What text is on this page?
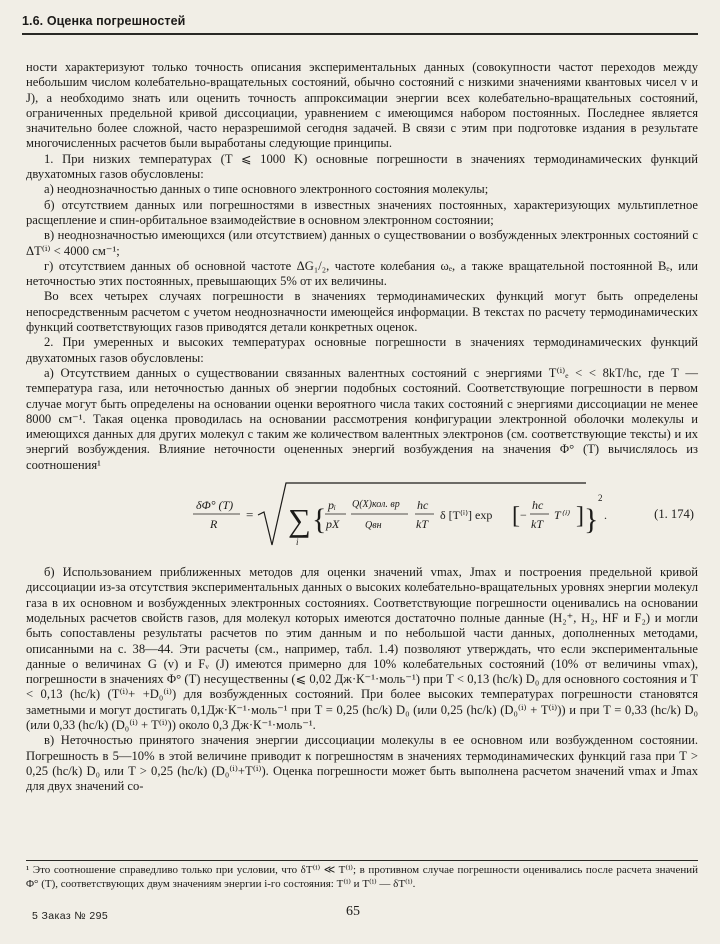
1.6. Оценка погрешностей

ности характеризуют только точность описания экспериментальных данных (совокупности частот переходов между небольшим числом колебательно-вращательных состояний, обычно состояний с низкими значениями квантовых чисел v и J), а необходимо знать или оценить точность аппроксимации энергии всех колебательно-вращательных состояний, ограниченных предельной кривой диссоциации, уравнением с имеющимся набором постоянных. Последнее является значительно более сложной, часто неразрешимой сегодня задачей. В связи с этим при подготовке издания в результате многочисленных расчетов были выработаны следующие принципы.

1. При низких температурах (T ⩽ 1000 K) основные погрешности в значениях термодинамических функций двухатомных газов обусловлены:

а) неоднозначностью данных о типе основного электронного состояния молекулы;

б) отсутствием данных или погрешностями в известных значениях постоянных, характеризующих мультиплетное расщепление и спин-орбитальное взаимодействие в основном электронном состоянии;

в) неоднозначностью имеющихся (или отсутствием) данных о существовании о возбужденных электронных состояний с ΔT⁽ⁱ⁾ < 4000 см⁻¹;

г) отсутствием данных об основной частоте ΔG₁/₂, частоте колебания ωₑ, а также вращательной постоянной Bₑ, или неточностью этих постоянных, превышающих 5% от их величины.

Во всех четырех случаях погрешности в значениях термодинамических функций могут быть определены непосредственным расчетом с учетом неоднозначности имеющейся информации. В текстах по расчету термодинамических функций соответствующих газов приводятся детали конкретных оценок.

2. При умеренных и высоких температурах основные погрешности в значениях термодинамических функций двухатомных газов обусловлены:

а) Отсутствием данных о существовании связанных валентных состояний с энергиями T⁽ⁱ⁾ₑ < < 8kT/hc, где T — температура газа, или неточностью данных об энергии подобных состояний. Соответствующие погрешности в первом случае могут быть определены на основании оценки вероятного числа таких состояний с энергиями диссоциации не менее 8000 см⁻¹. Такая оценка проводилась на основании рассмотрения конфигурации электронной оболочки молекулы и имеющихся данных для других молекул с таким же количеством валентных электронов (см. соответствующие тексты) и их энергий возбуждения. Влияние неточности оцененных энергий возбуждения на значения Φ° (T) вычислялось из соотношения¹

δΦ° (T)
R
= ∑
i
{ pᵢ
pX
Q(X)кол. вр
Qвн
hc
kT
δ [T⁽ⁱ⁾] exp [ −
hc
kT
T⁽ⁱ⁾ ] }
2
.	(1. 174)

б) Использованием приближенных методов для оценки значений vmax, Jmax и построения предельной кривой диссоциации из-за отсутствия экспериментальных данных о высоких колебательно-вращательных уровнях энергии молекул газа в их основном и возбужденных электронных состояниях. Соответствующие погрешности оценивались на основании модельных расчетов свойств газов, для молекул которых имеются достаточно полные данные (H₂⁺, H₂, HF и F₂) и могли быть сопоставлены результаты расчетов по этим данным и по небольшой части данных, дополненных методами, описанными на с. 38—44. Эти расчеты (см., например, табл. 1.4) позволяют утверждать, что если экспериментальные данные о величинах G (v) и Fᵥ (J) имеются примерно для 10% колебательных состояний (10% от величины vmax), погрешности в значениях Φ° (T) несущественны (⩽ 0,02 Дж·К⁻¹·моль⁻¹) при T < 0,13 (hc/k) D₀ для основного состояния и T < 0,13 (hc/k) (T⁽ⁱ⁾+ +D₀⁽ⁱ⁾) для возбужденных состояний. При более высоких температурах погрешности становятся заметными и могут достигать 0,1Дж·К⁻¹·моль⁻¹ при T = 0,25 (hc/k) D₀ (или 0,25 (hc/k) (D₀⁽ⁱ⁾ + T⁽ⁱ⁾)) и при T = 0,33 (hc/k) D₀ (или 0,33 (hc/k) (D₀⁽ⁱ⁾ + T⁽ⁱ⁾)) около 0,3 Дж·К⁻¹·моль⁻¹.

в) Неточностью принятого значения энергии диссоциации молекулы в ее основном или возбужденном состоянии. Погрешность в 5—10% в этой величине приводит к погрешностям в значениях термодинамических функций газа при T > 0,25 (hc/k) D₀ или T > 0,25 (hc/k) (D₀⁽ⁱ⁾+T⁽ⁱ⁾). Оценка погрешности может быть выполнена расчетом значений vmax и Jmax для двух значений со-

¹ Это соотношение справедливо только при условии, что δT⁽ⁱ⁾ ≪ T⁽ⁱ⁾; в противном случае погрешности оценивались после расчета значений Φ° (T), соответствующих двум значениям энергии i-го состояния: T⁽ⁱ⁾ и T⁽ⁱ⁾ — δT⁽ⁱ⁾.
5 Заказ № 295	65
